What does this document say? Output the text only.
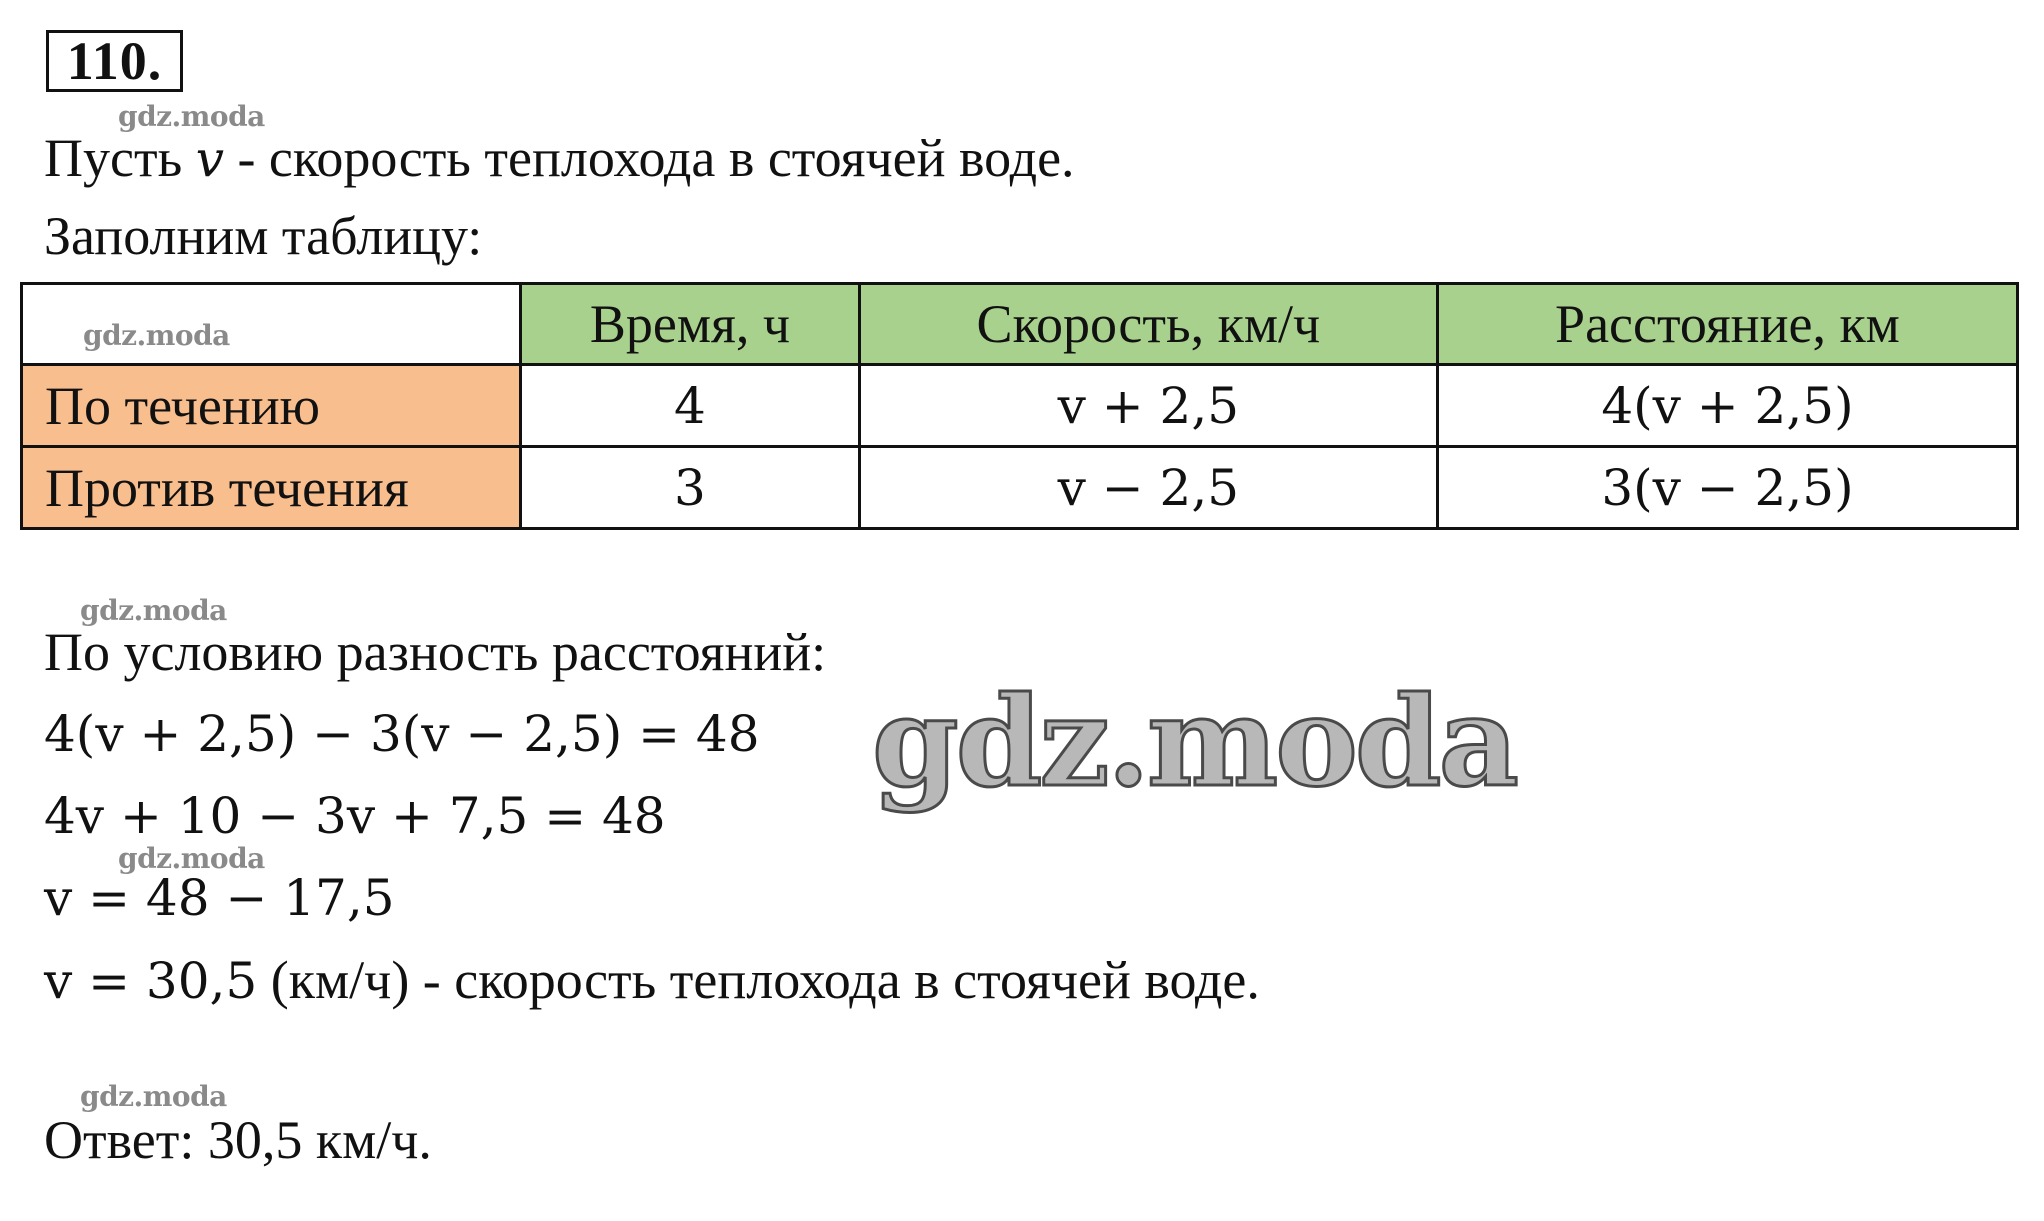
110.
gdz.moda
Пусть v - скорость теплохода в стоячей воде.
Заполним таблицу:
gdz.moda	Время, ч	Скорость, км/ч	Расстояние, км
По течению	4	v + 2,5	4(v + 2,5)
Против течения	3	v − 2,5	3(v − 2,5)
gdz.moda
По условию разность расстояний:
4(v + 2,5) − 3(v − 2,5) = 48
4v + 10 − 3v + 7,5 = 48
gdz.moda
v = 48 − 17,5
v = 30,5 (км/ч) - скорость теплохода в стоячей воде.
gdz.moda
Ответ: 30,5 км/ч.
gdz.moda
